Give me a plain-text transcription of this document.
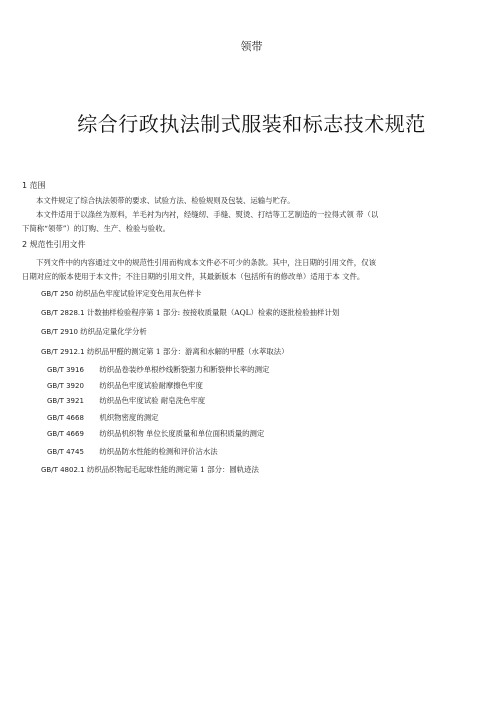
领带
综合行政执法制式服装和标志技术规范
1 范围
本文件规定了综合执法领带的要求、试验方法、检验规则及包装、运输与贮存。
本文件适用于以涤丝为原料，羊毛衬为内衬，经缝纫、手缝、熨烫、打结等工艺制造的一拉得式领 带（以
下简称“领带”）的订购、生产、检验与验收。
2 规范性引用文件
下列文件中的内容通过文中的规范性引用而构成本文件必不可少的条款。其中，注日期的引用文件，仅该
日期对应的版本使用于本文件；不注日期的引用文件，其最新版本（包括所有的修改单）适用于本 文件。
GB/T 250 纺织品色牢度试验评定变色用灰色样卡
GB/T 2828.1 计数抽样检验程序第 1 部分: 按接收质量限（AQL）检索的逐批检验抽样计划
GB/T 2910 纺织品定量化学分析
GB/T 2912.1 纺织品甲醛的测定第 1 部分：游离和水解的甲醛（水萃取法）
GB/T 3916 纺织品卷装纱单根纱线断裂强力和断裂伸长率的测定
GB/T 3920 纺织品色牢度试验耐摩擦色牢度
GB/T 3921 纺织品色牢度试验 耐皂洗色牢度
GB/T 4668 机织物密度的测定
GB/T 4669 纺织品机织物 单位长度质量和单位面积质量的测定
GB/T 4745 纺织品防水性能的检测和评价沾水法
GB/T 4802.1 纺织品织物起毛起球性能的测定第 1 部分：圆轨迹法
